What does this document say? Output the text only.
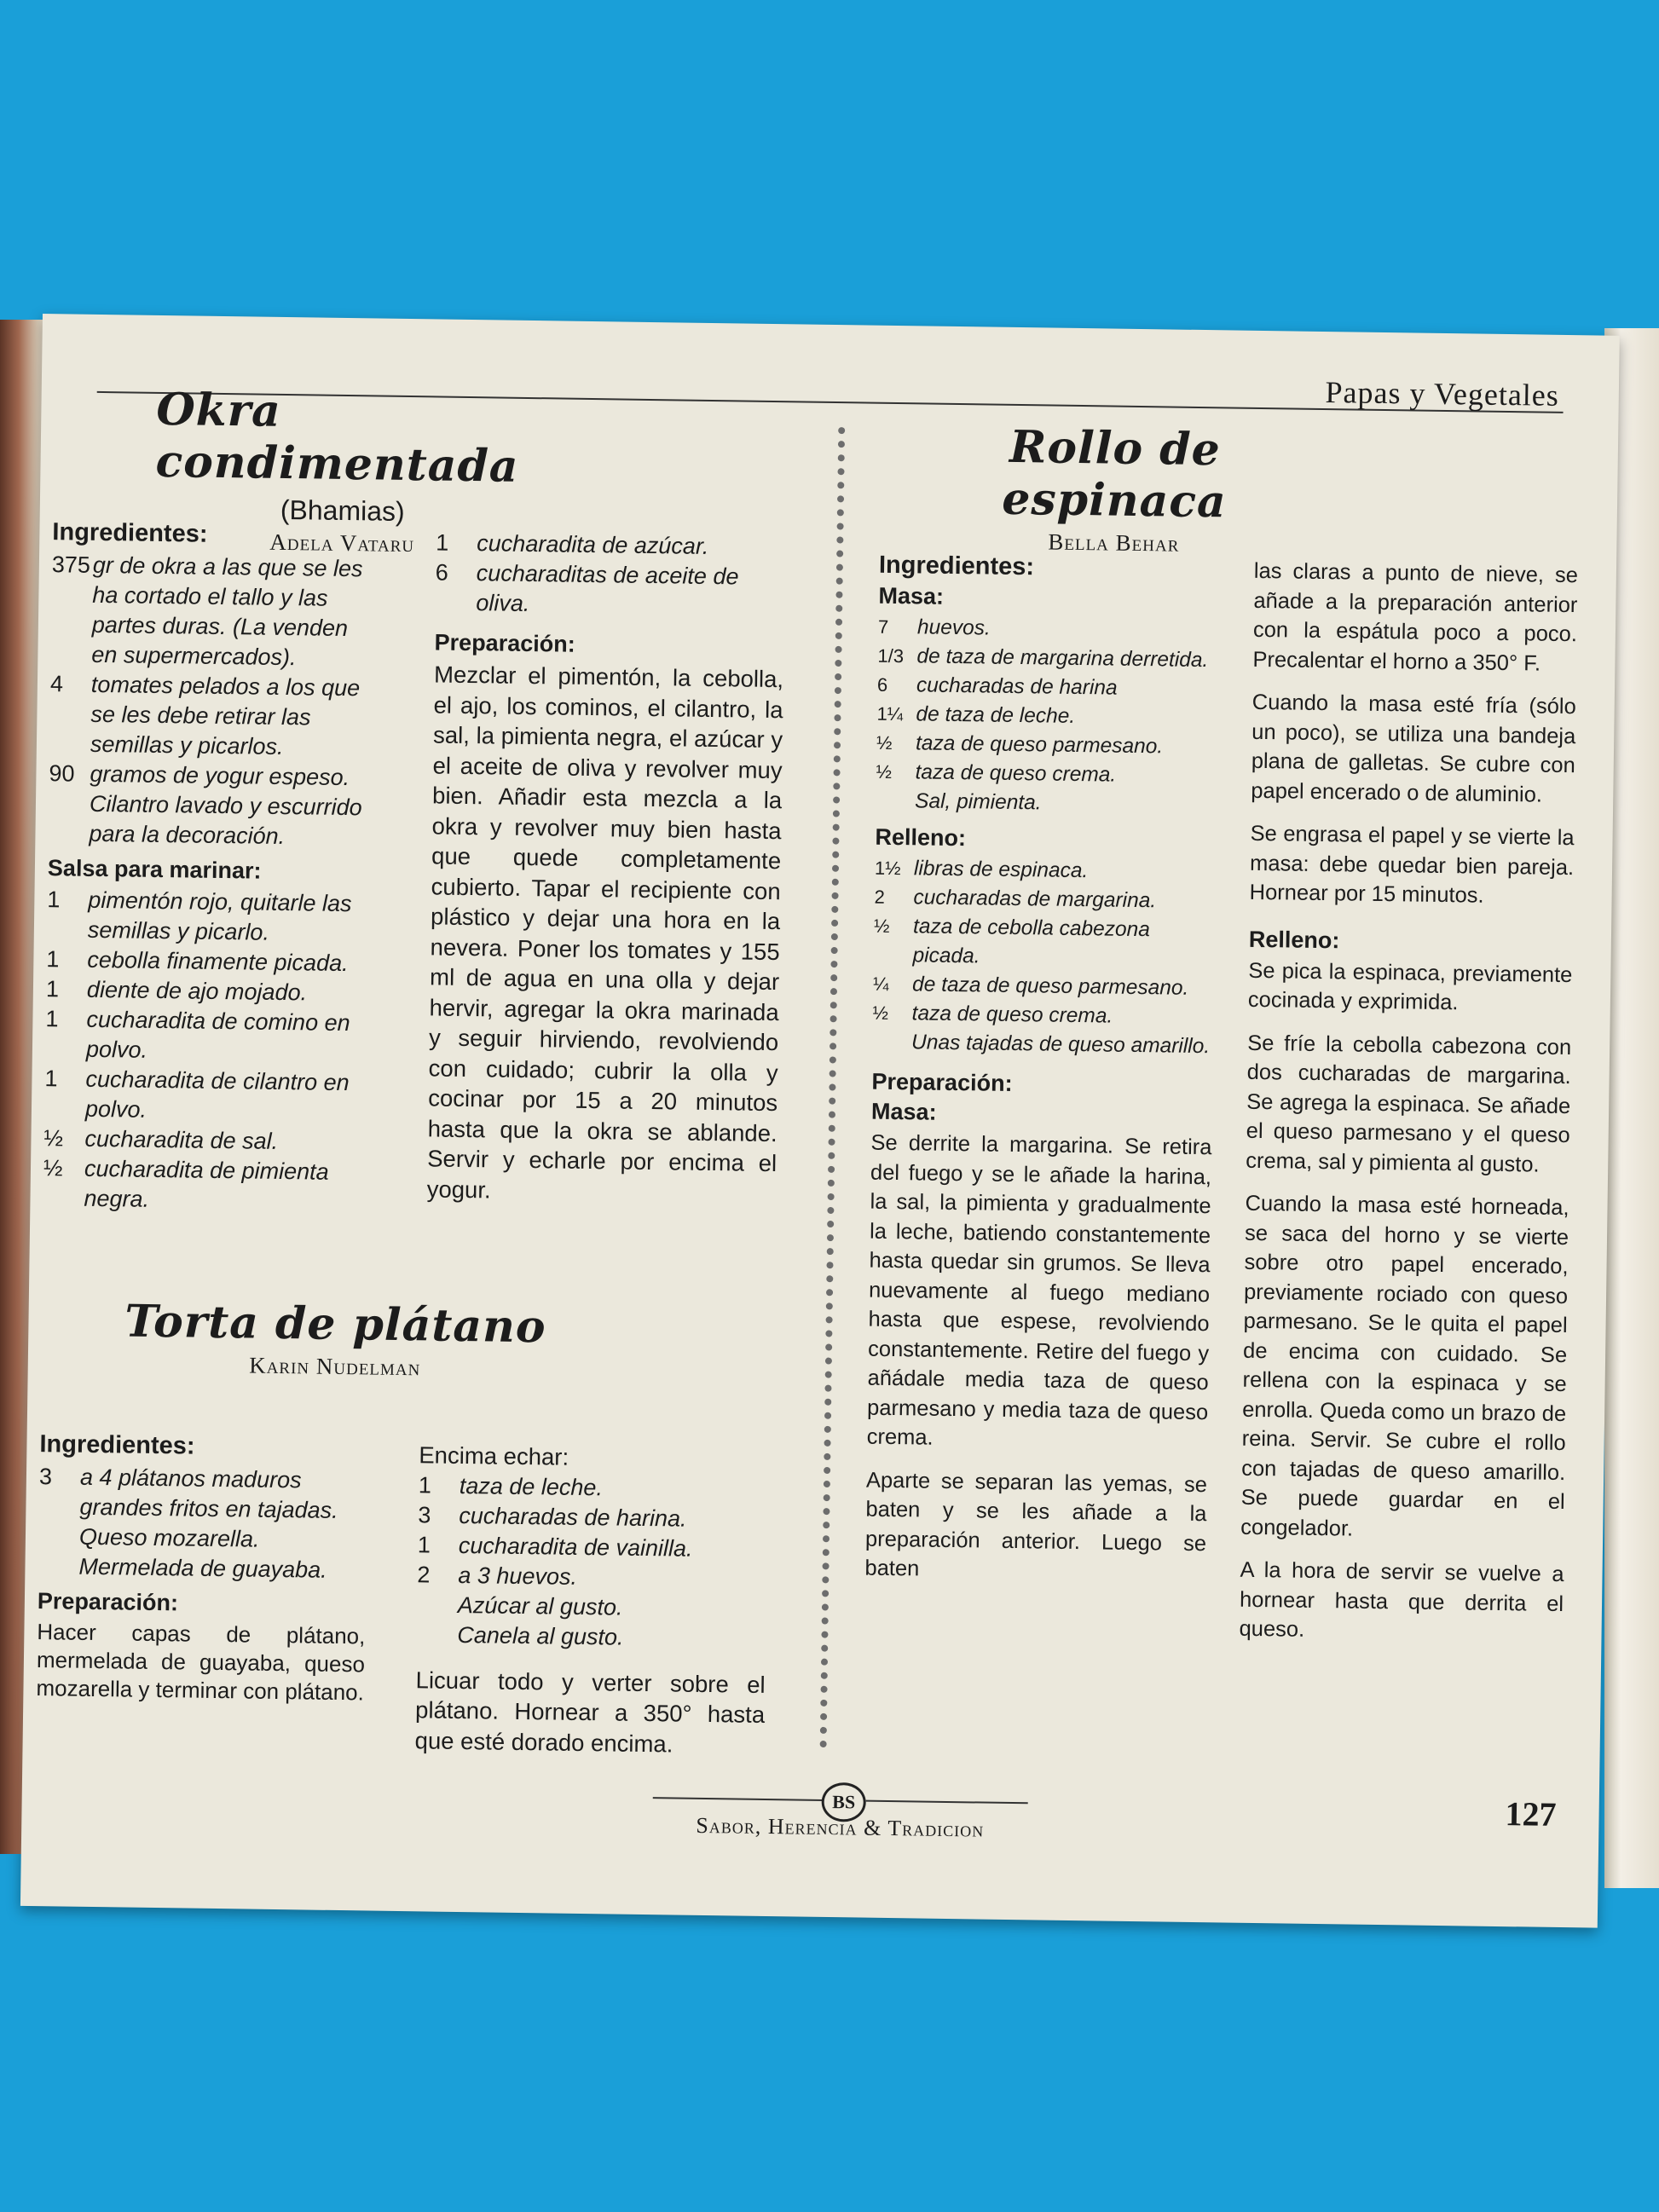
Papas y Vegetales
Okra condimentada
(Bhamias)
Adela Vataru
Ingredientes:
375 gr de okra a las que se les ha cortado el tallo y las partes duras. (La venden en supermercados).
4	tomates pelados a los que se les debe retirar las semillas y picarlos.
90 gramos de yogur espeso. Cilantro lavado y escurrido para la decoración.
Salsa para marinar:
1	pimentón rojo, quitarle las semillas y picarlo.
1	cebolla finamente picada.
1	diente de ajo mojado.
1	cucharadita de comino en polvo.
1	cucharadita de cilantro en polvo.
½ cucharadita de sal.
½ cucharadita de pimienta negra.
1	cucharadita de azúcar.
6	cucharaditas de aceite de oliva.
Preparación:

Mezclar el pimentón, la cebolla, el ajo, los cominos, el cilantro, la sal, la pimienta negra, el azúcar y el aceite de oliva y revolver muy bien. Añadir esta mezcla a la okra y revolver muy bien hasta que quede completamente cubierto. Tapar el recipiente con plástico y dejar una hora en la nevera. Poner los tomates y 155 ml de agua en una olla y dejar hervir, agregar la okra marinada y seguir hirviendo, revolviendo con cuidado; cubrir la olla y cocinar por 15 a 20 minutos hasta que la okra se ablande. Servir y echarle por encima el yogur.

Torta de plátano
Karin Nudelman
Ingredientes:
3	a 4 plátanos maduros grandes fritos en tajadas.
Queso mozarella.
Mermelada de guayaba.
Preparación:

Hacer capas de plátano, mermelada de guayaba, queso mozarella y terminar con plátano.

Encima echar:
1	taza de leche.
3	cucharadas de harina.
1	cucharadita de vainilla.
2	a 3 huevos.
Azúcar al gusto.
Canela al gusto.

Licuar todo y verter sobre el plátano. Hornear a 350° hasta que esté dorado encima.

Rollo de espinaca
Bella Behar
Ingredientes:
Masa:
7	huevos.
1/3 de taza de margarina derretida.
6	cucharadas de harina
1¼ de taza de leche.
½	taza de queso parmesano.
½	taza de queso crema.
Sal, pimienta.
Relleno:
1½ libras de espinaca.
2	cucharadas de margarina.
½	taza de cebolla cabezona picada.
¼	de taza de queso parmesano.
½	taza de queso crema.
Unas tajadas de queso amarillo.
Preparación:
Masa:

Se derrite la margarina. Se retira del fuego y se le añade la harina, la sal, la pimienta y gradualmente la leche, batiendo constantemente hasta quedar sin grumos. Se lleva nuevamente al fuego mediano hasta que espese, revolviendo constantemente. Retire del fuego y añádale media taza de queso parmesano y media taza de queso crema.

Aparte se separan las yemas, se baten y se les añade a la preparación anterior. Luego se baten

las claras a punto de nieve, se añade a la preparación anterior con la espátula poco a poco. Precalentar el horno a 350° F.

Cuando la masa esté fría (sólo un poco), se utiliza una bandeja plana de galletas. Se cubre con papel encerado o de aluminio.

Se engrasa el papel y se vierte la masa: debe quedar bien pareja. Hornear por 15 minutos.

Relleno:

Se pica la espinaca, previamente cocinada y exprimida.

Se fríe la cebolla cabezona con dos cucharadas de margarina. Se agrega la espinaca. Se añade el queso parmesano y el queso crema, sal y pimienta al gusto.

Cuando la masa esté horneada, se saca del horno y se vierte sobre otro papel encerado, previamente rociado con queso parmesano. Se le quita el papel de encima con cuidado. Se rellena con la espinaca y se enrolla. Queda como un brazo de reina. Servir. Se cubre el rollo con tajadas de queso amarillo. Se puede guardar en el congelador.

A la hora de servir se vuelve a hornear hasta que derrita el queso.

BS
Sabor, Herencia & Tradicion	127
